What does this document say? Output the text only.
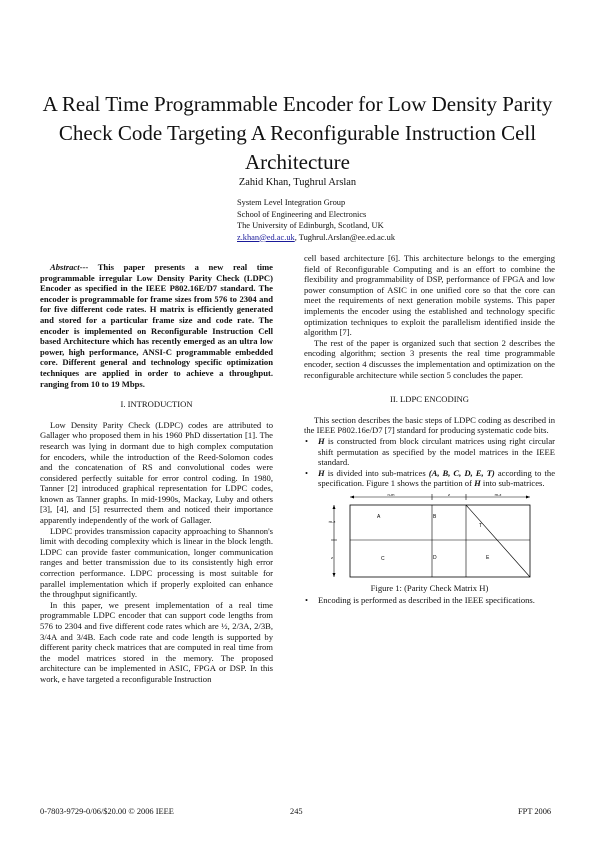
A Real Time Programmable Encoder for Low Density Parity Check Code Targeting A Reconfigurable Instruction Cell Architecture
Zahid Khan, Tughrul Arslan
System Level Integration Group
School of Engineering and Electronics
The University of Edinburgh, Scotland, UK
z.khan@ed.ac.uk, Tughrul.Arslan@ee.ed.ac.uk

Abstract--- This paper presents a new real time programmable irregular Low Density Parity Check (LDPC) Encoder as specified in the IEEE P802.16E/D7 standard. The encoder is programmable for frame sizes from 576 to 2304 and for five different code rates. H matrix is efficiently generated and stored for a particular frame size and code rate. The encoder is implemented on Reconfigurable Instruction Cell based Architecture which has recently emerged as an ultra low power, high performance, ANSI-C programmable embedded core. Different general and technology specific optimization techniques are applied in order to achieve a throughput. ranging from 10 to 19 Mbps.

I. INTRODUCTION

Low Density Parity Check (LDPC) codes are attributed to Gallager who proposed them in his 1960 PhD dissertation [1]. The research was lying in dormant due to high complex computation for encoders, while the introduction of the Reed-Solomon codes and the concatenation of RS and convolutional codes were considered perfectly suitable for error control coding. In 1980, Tanner [2] introduced graphical representation for LDPC codes, known as Tanner graphs. In mid-1990s, Mackay, Luby and others [3], [4], and [5] resurrected them and noticed their importance apparently independently of the work of Gallager.

LDPC provides transmission capacity approaching to Shannon's limit with decoding complexity which is linear in the block length. LDPC can provide faster communication, longer communication ranges and better transmission due to its consistently high error correction performance. LDPC processing is most suitable for parallel implementation which if properly exploited can enhance the throughput significantly.

In this paper, we present implementation of a real time programmable LDPC encoder that can support code lengths from 576 to 2304 and five different code rates which are ½, 2/3A, 2/3B, 3/4A and 3/4B. Each code rate and code length is supported by different parity check matrices that are computed in real time from the model matrices stored in the memory. The proposed architecture can be implemented in ASIC, FPGA or DSP. In this work, e have targeted a reconfigurable Instruction

cell based architecture [6]. This architecture belongs to the emerging field of Reconfigurable Computing and is an effort to combine the flexibility and programmability of DSP, performance of FPGA and low power consumption of ASIC in one unified core so that the core can meet the requirements of next generation mobile systems. This paper implements the encoder using the established and technology specific optimization techniques to exploit the parallelism identified inside the algorithm [7].

The rest of the paper is organized such that section 2 describes the encoding algorithm; section 3 presents the real time programmable encoder, section 4 discusses the implementation and optimization on the reconfigurable architecture while section 5 concludes the paper.

II. LDPC ENCODING

This section describes the basic steps of LDPC coding as described in the IEEE P802.16e/D7 [7] standard for producing systematic code bits.

• H is constructed from block circulant matrices using right circular shift permutation as specified by the model matrices in the IEEE standard.
• H is divided into sub-matrices (A, B, C, D, E, T) according to the specification. Figure 1 shows the partition of H into sub-matrices.
n-m	z	m-z
m-z
z
A	B
T
C	D	E
Figure 1: (Parity Check Matrix H)
• Encoding is performed as described in the IEEE specifications.
0-7803-9729-0/06/$20.00 © 2006 IEEE	245	FPT 2006
